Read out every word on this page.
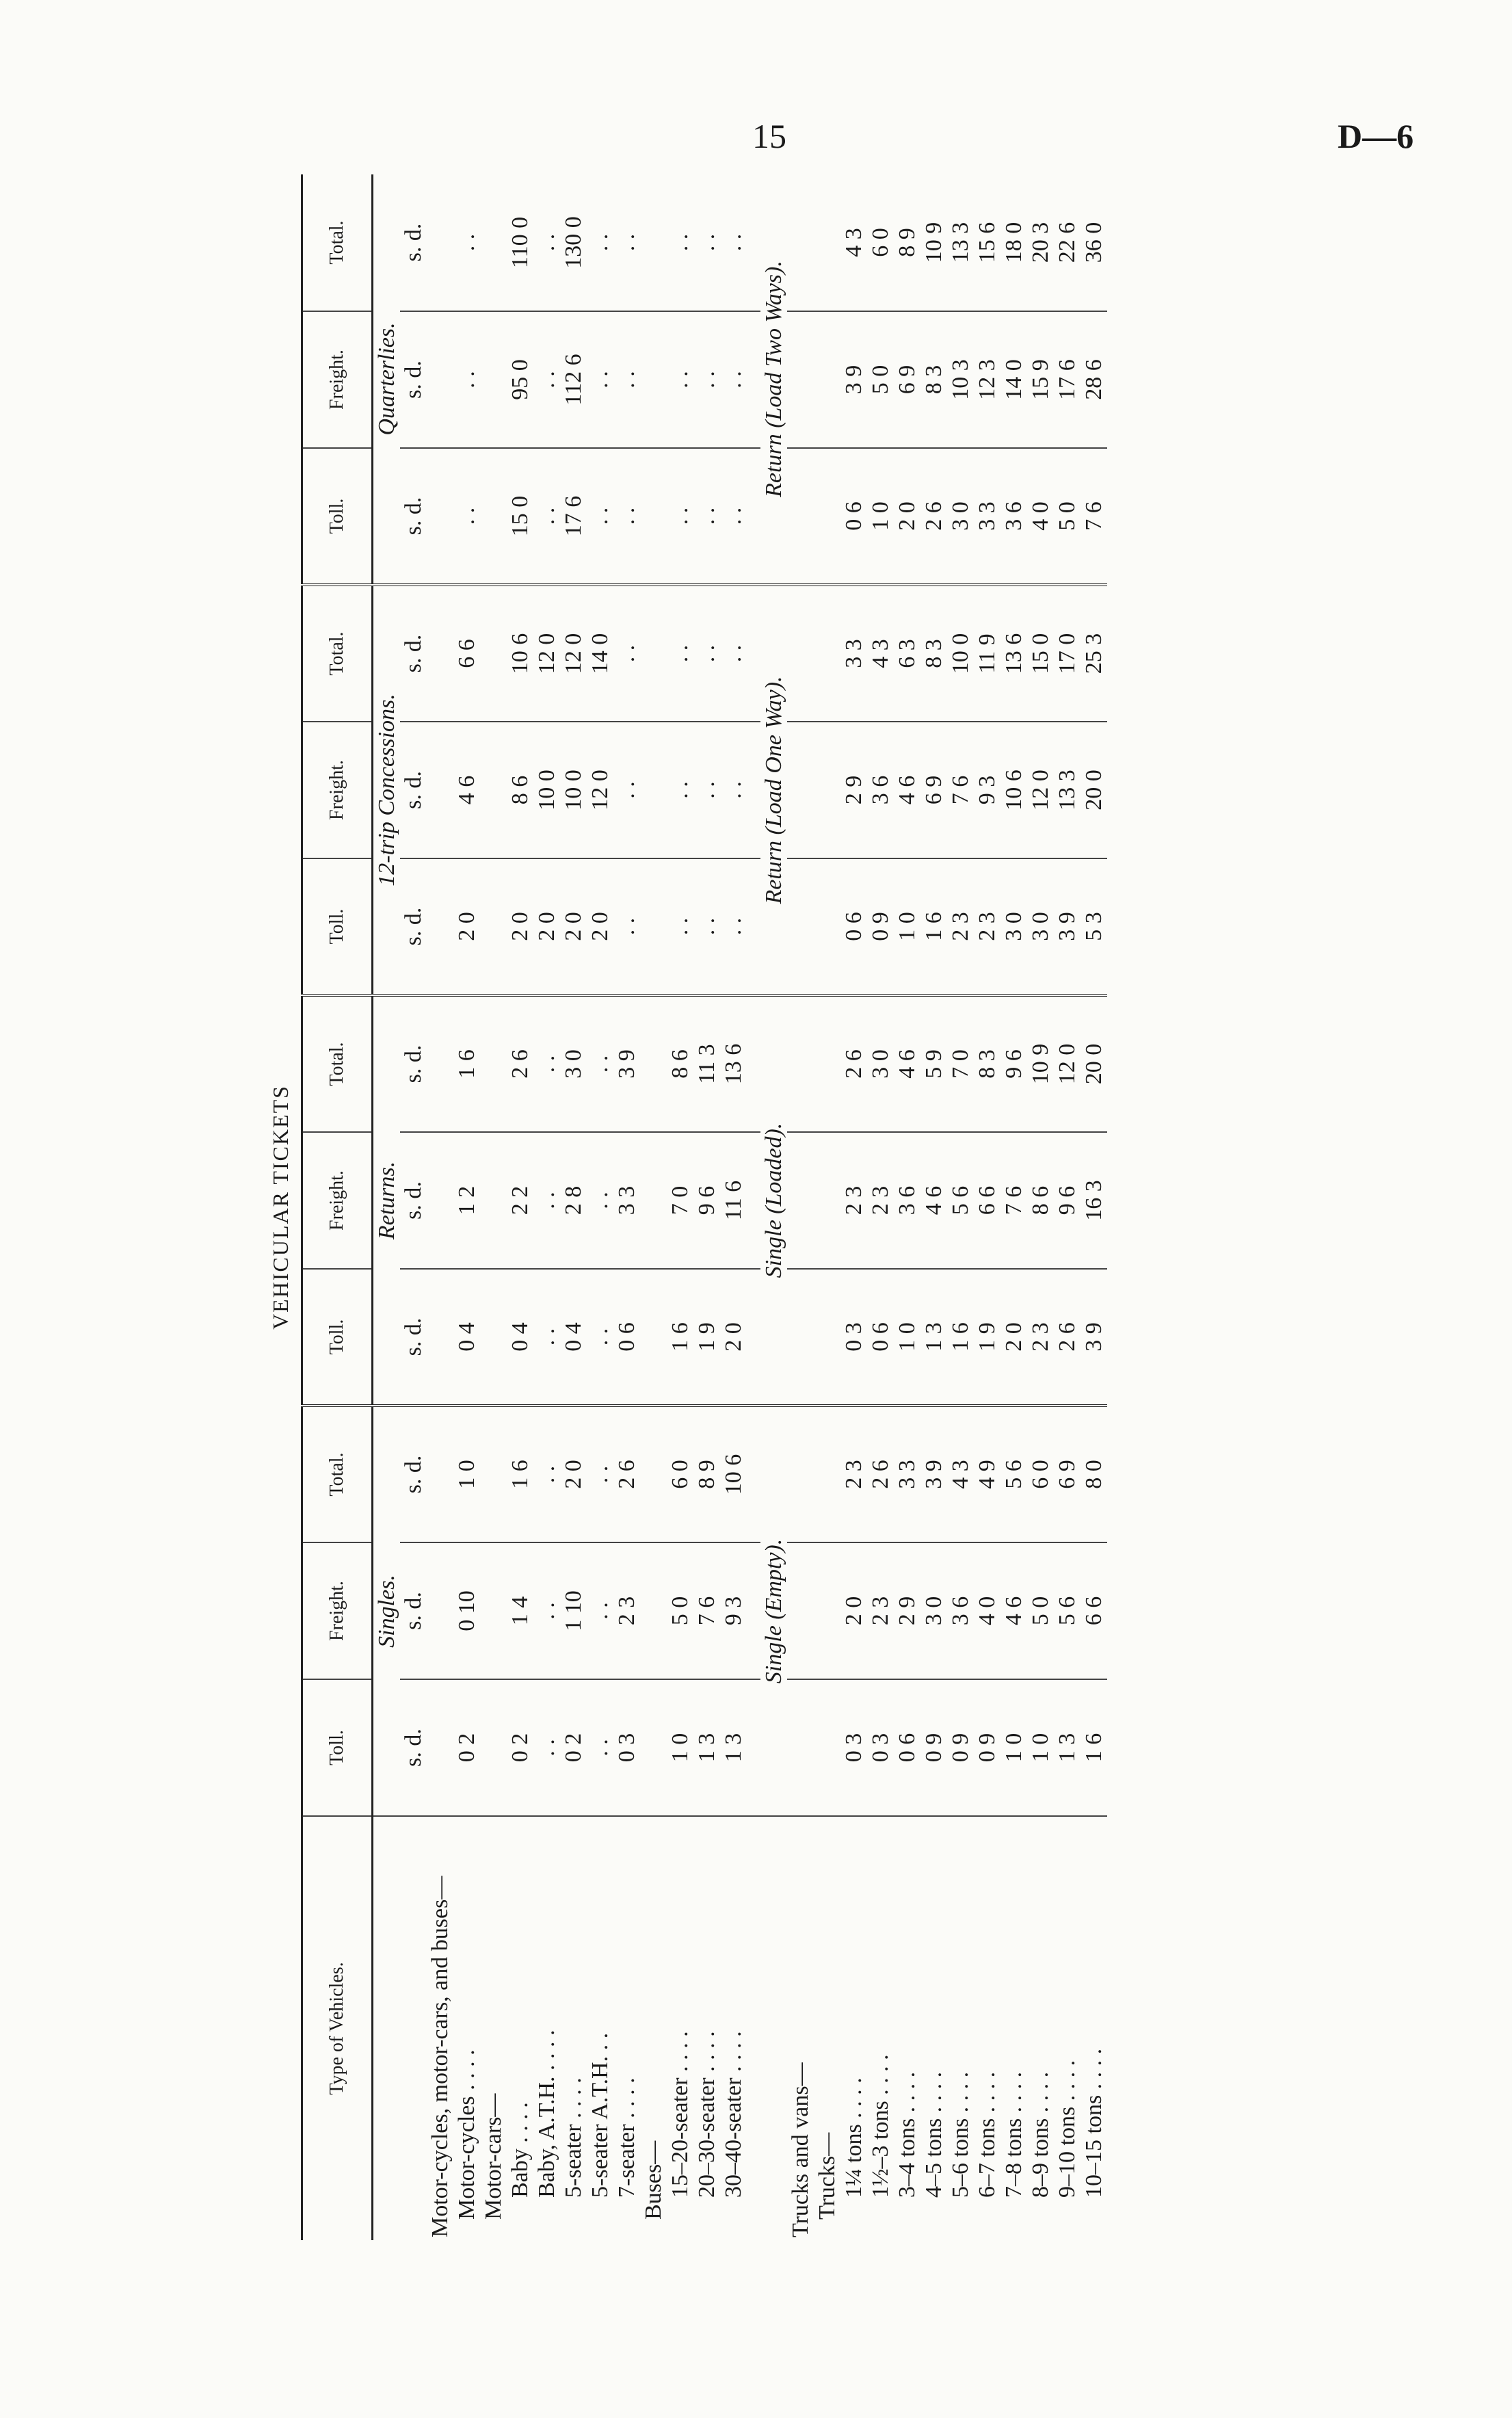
15	D—6
VEHICULAR TICKETS
Type of Vehicles.	Toll.	Freight.	Total.	Toll.	Freight.	Total.	Toll.	Freight.	Total.	Toll.	Freight.	Total.
	Singles.			Returns.			12-trip Concessions.			Quarterlies.		
	s. d.	s. d.	s. d.	s. d.	s. d.	s. d.	s. d.	s. d.	s. d.	s. d.	s. d.	s. d.
Motor-cycles, motor-cars, and buses—												
Motor-cycles . . . .	0 2	0 10	1 0	0 4	1 2	1 6	2 0	4 6	6 6	. .	. .	. .
Motor-cars—												
Baby . . . .	0 2	1 4	1 6	0 4	2 2	2 6	2 0	8 6	10 6	15 0	95 0	110 0
Baby, A.T.H. . . . .	. .	. .	. .	. .	. .	. .	2 0	10 0	12 0	. .	. .	. .
5-seater . . . .	0 2	1 10	2 0	0 4	2 8	3 0	2 0	10 0	12 0	17 6	112 6	130 0
5-seater A.T.H. . .	. .	. .	. .	. .	. .	. .	2 0	12 0	14 0	. .	. .	. .
7-seater . . . .	0 3	2 3	2 6	0 6	3 3	3 9	. .	. .	. .	. .	. .	. .
Buses—												
15–20-seater . . . .	1 0	5 0	6 0	1 6	7 0	8 6	. .	. .	. .	. .	. .	. .
20–30-seater . . . .	1 3	7 6	8 9	1 9	9 6	11 3	. .	. .	. .	. .	. .	. .
30–40-seater . . . .	1 3	9 3	10 6	2 0	11 6	13 6	. .	. .	. .	. .	. .	. .

	Single (Empty).			Single (Loaded).			Return (Load One Way).			Return (Load Two Ways).		
Trucks and vans—												
Trucks—												
1¼ tons . . . .	0 3	2 0	2 3	0 3	2 3	2 6	0 6	2 9	3 3	0 6	3 9	4 3
1½–3 tons . . . .	0 3	2 3	2 6	0 6	2 3	3 0	0 9	3 6	4 3	1 0	5 0	6 0
3–4 tons . . . .	0 6	2 9	3 3	1 0	3 6	4 6	1 0	4 6	6 3	2 0	6 9	8 9
4–5 tons . . . .	0 9	3 0	3 9	1 3	4 6	5 9	1 6	6 9	8 3	2 6	8 3	10 9
5–6 tons . . . .	0 9	3 6	4 3	1 6	5 6	7 0	2 3	7 6	10 0	3 0	10 3	13 3
6–7 tons . . . .	0 9	4 0	4 9	1 9	6 6	8 3	2 3	9 3	11 9	3 3	12 3	15 6
7–8 tons . . . .	1 0	4 6	5 6	2 0	7 6	9 6	3 0	10 6	13 6	3 6	14 0	18 0
8–9 tons . . . .	1 0	5 0	6 0	2 3	8 6	10 9	3 0	12 0	15 0	4 0	15 9	20 3
9–10 tons . . . .	1 3	5 6	6 9	2 6	9 6	12 0	3 9	13 3	17 0	5 0	17 6	22 6
10–15 tons . . . .	1 6	6 6	8 0	3 9	16 3	20 0	5 3	20 0	25 3	7 6	28 6	36 0
